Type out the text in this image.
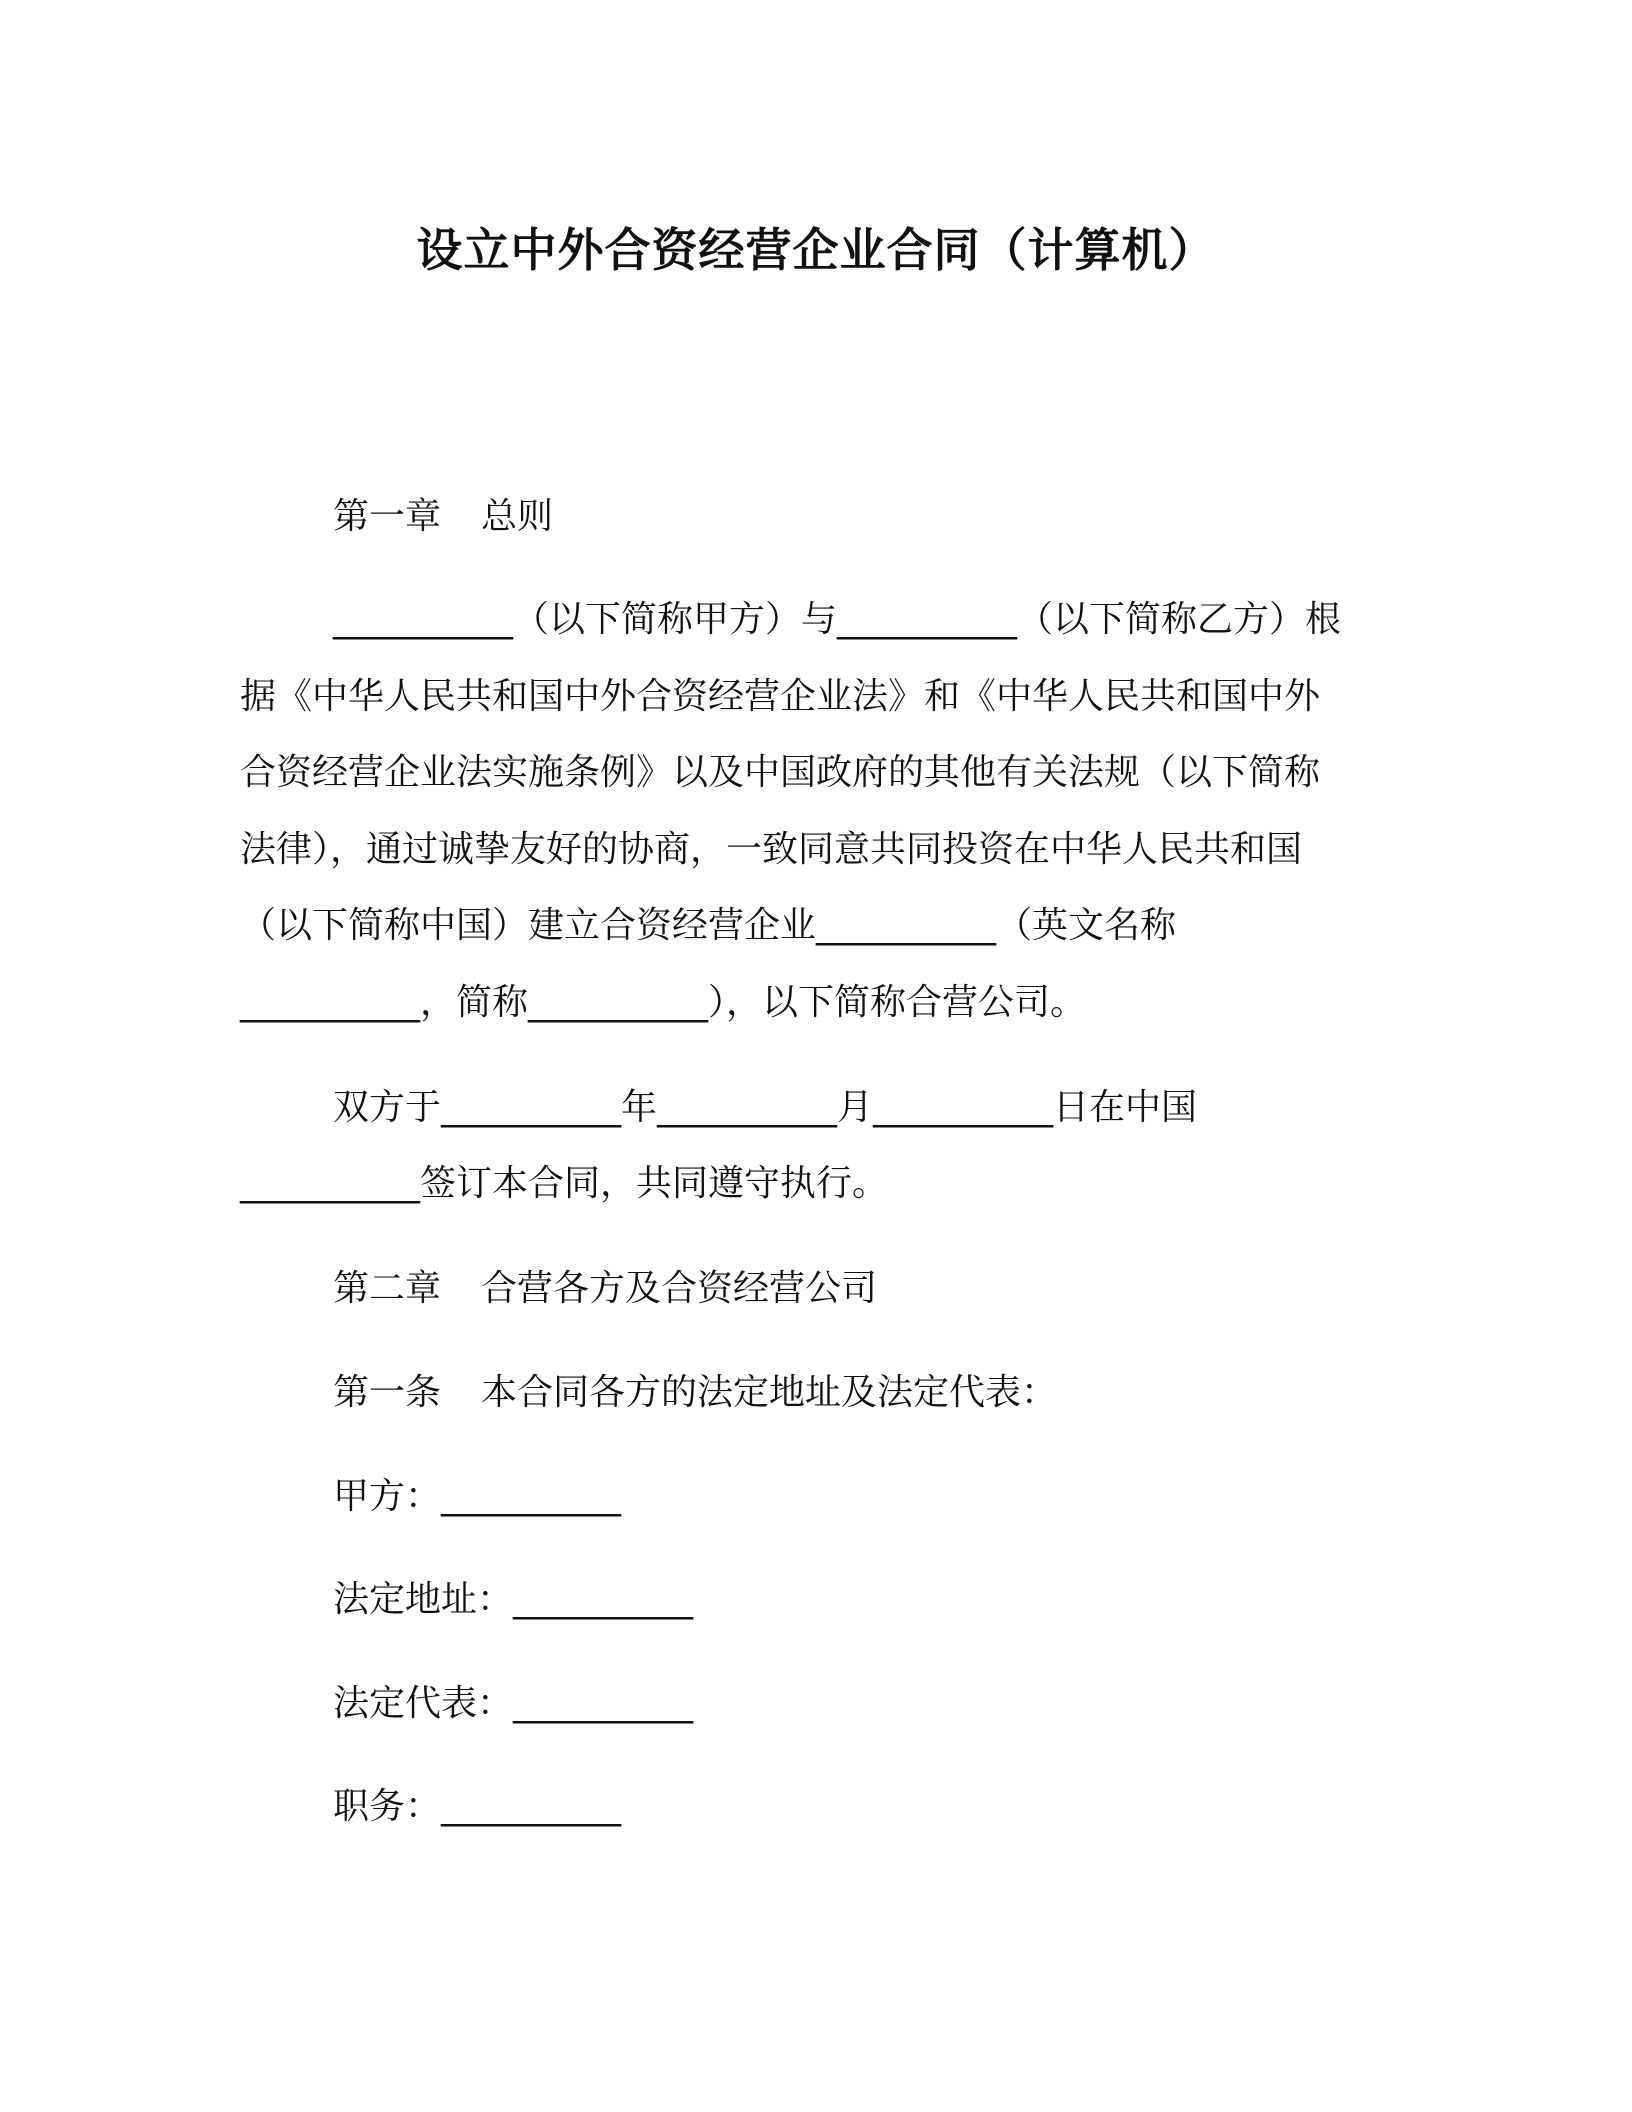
设立中外合资经营企业合同（计算机）
第一章 总则
__________（以下简称甲方）与__________（以下简称乙方）根
据《中华人民共和国中外合资经营企业法》和《中华人民共和国中外
合资经营企业法实施条例》以及中国政府的其他有关法规（以下简称
法律），通过诚挚友好的协商，一致同意共同投资在中华人民共和国
（以下简称中国）建立合资经营企业__________（英文名称
__________，简称__________），以下简称合营公司。
双方于__________年__________月__________日在中国
__________签订本合同，共同遵守执行。
第二章 合营各方及合资经营公司
第一条 本合同各方的法定地址及法定代表：
甲方：__________
法定地址：__________
法定代表：__________
职务：__________
